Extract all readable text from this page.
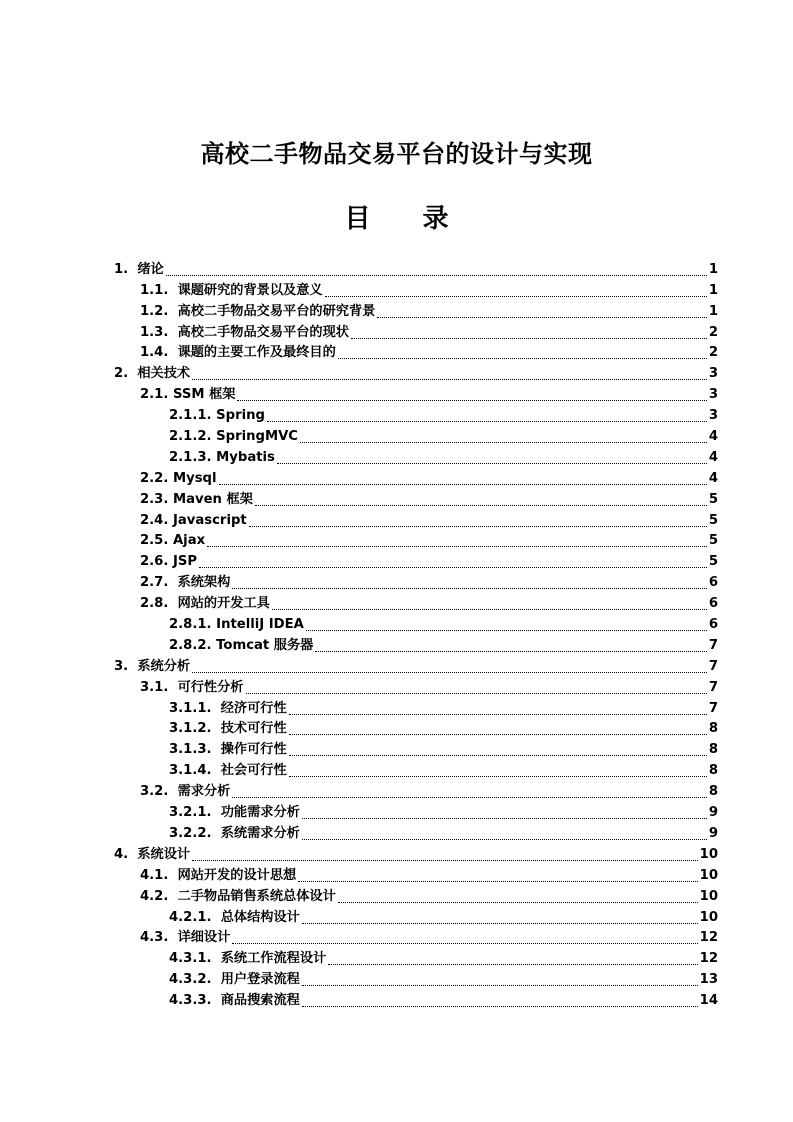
高校二手物品交易平台的设计与实现
目 录
1. 绪论	1
1.1. 课题研究的背景以及意义	1
1.2. 高校二手物品交易平台的研究背景	1
1.3. 高校二手物品交易平台的现状	2
1.4. 课题的主要工作及最终目的	2
2. 相关技术	3
2.1. SSM 框架	3
2.1.1. Spring	3
2.1.2. SpringMVC	4
2.1.3. Mybatis	4
2.2. Mysql	4
2.3. Maven 框架	5
2.4. Javascript	5
2.5. Ajax	5
2.6. JSP	5
2.7. 系统架构	6
2.8. 网站的开发工具	6
2.8.1. IntelliJ IDEA	6
2.8.2. Tomcat 服务器	7
3. 系统分析	7
3.1. 可行性分析	7
3.1.1. 经济可行性	7
3.1.2. 技术可行性	8
3.1.3. 操作可行性	8
3.1.4. 社会可行性	8
3.2. 需求分析	8
3.2.1. 功能需求分析	9
3.2.2. 系统需求分析	9
4. 系统设计	10
4.1. 网站开发的设计思想	10
4.2. 二手物品销售系统总体设计	10
4.2.1. 总体结构设计	10
4.3. 详细设计	12
4.3.1. 系统工作流程设计	12
4.3.2. 用户登录流程	13
4.3.3. 商品搜索流程	14
